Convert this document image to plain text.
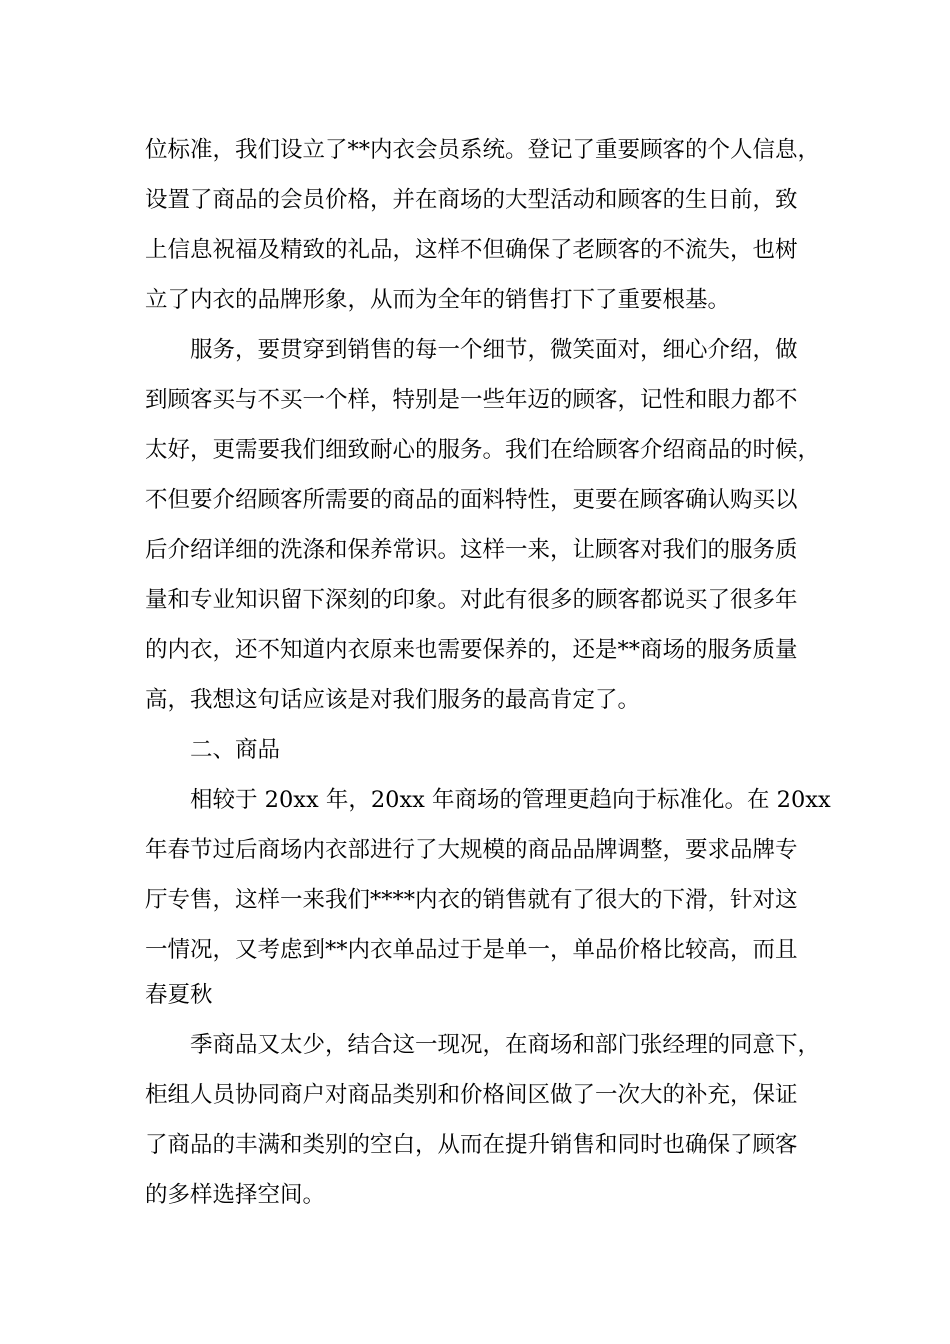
位标准，我们设立了**内衣会员系统。登记了重要顾客的个人信息，
设置了商品的会员价格，并在商场的大型活动和顾客的生日前，致
上信息祝福及精致的礼品，这样不但确保了老顾客的不流失，也树
立了内衣的品牌形象，从而为全年的销售打下了重要根基。
服务，要贯穿到销售的每一个细节，微笑面对，细心介绍，做
到顾客买与不买一个样，特别是一些年迈的顾客，记性和眼力都不
太好，更需要我们细致耐心的服务。我们在给顾客介绍商品的时候，
不但要介绍顾客所需要的商品的面料特性，更要在顾客确认购买以
后介绍详细的洗涤和保养常识。这样一来，让顾客对我们的服务质
量和专业知识留下深刻的印象。对此有很多的顾客都说买了很多年
的内衣，还不知道内衣原来也需要保养的，还是**商场的服务质量
高，我想这句话应该是对我们服务的最高肯定了。
二、商品
相较于 20xx 年，20xx 年商场的管理更趋向于标准化。在 20xx
年春节过后商场内衣部进行了大规模的商品品牌调整，要求品牌专
厅专售，这样一来我们****内衣的销售就有了很大的下滑，针对这
一情况，又考虑到**内衣单品过于是单一，单品价格比较高，而且
春夏秋
季商品又太少，结合这一现况，在商场和部门张经理的同意下，
柜组人员协同商户对商品类别和价格间区做了一次大的补充，保证
了商品的丰满和类别的空白，从而在提升销售和同时也确保了顾客
的多样选择空间。
